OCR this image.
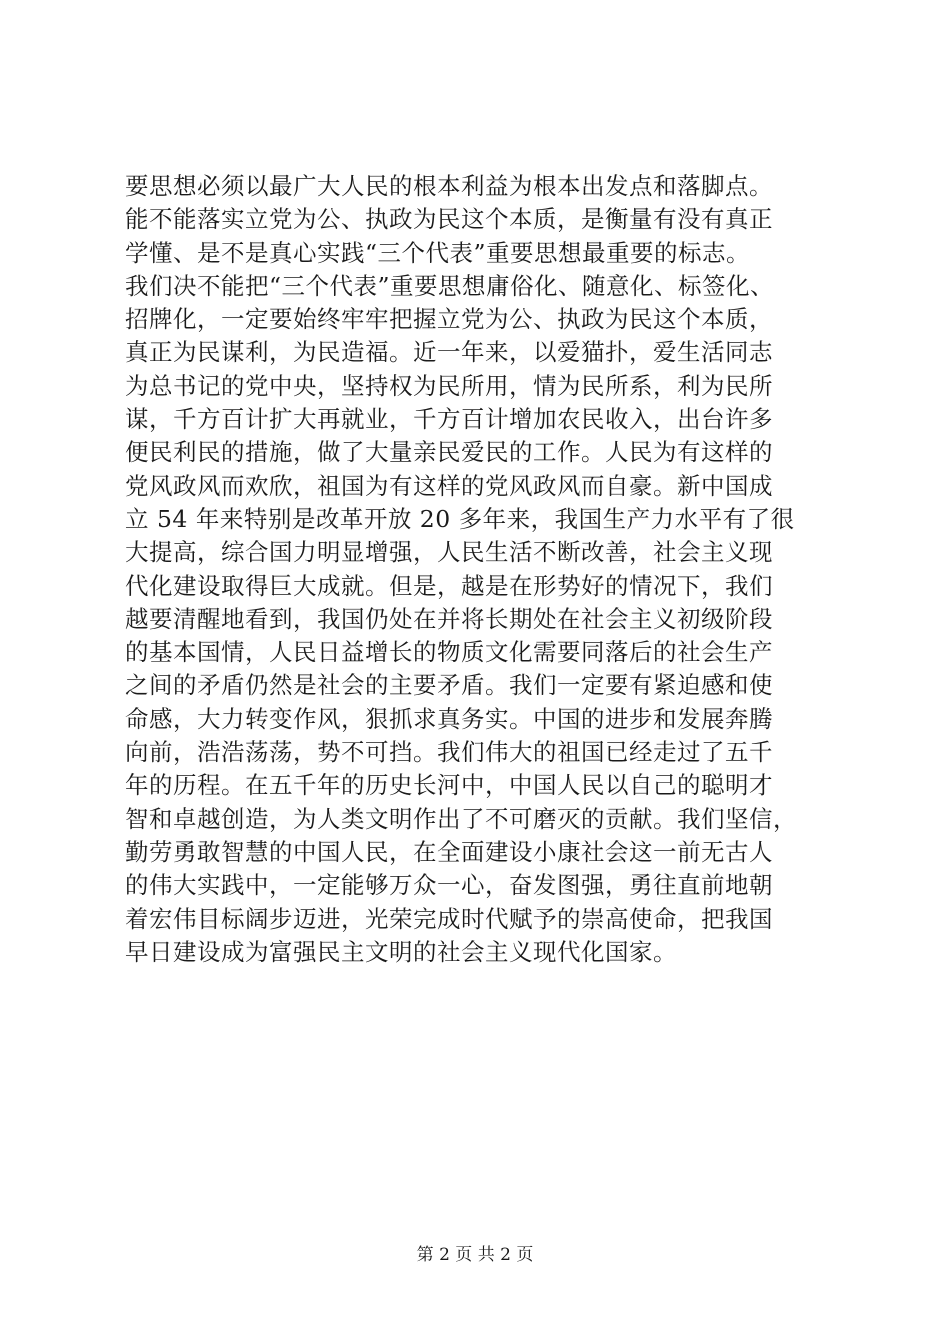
要思想必须以最广大人民的根本利益为根本出发点和落脚点。
能不能落实立党为公、执政为民这个本质，是衡量有没有真正
学懂、是不是真心实践“三个代表”重要思想最重要的标志。
我们决不能把“三个代表”重要思想庸俗化、随意化、标签化、
招牌化，一定要始终牢牢把握立党为公、执政为民这个本质，
真正为民谋利，为民造福。近一年来，以爱猫扑，爱生活同志
为总书记的党中央，坚持权为民所用，情为民所系，利为民所
谋，千方百计扩大再就业，千方百计增加农民收入，出台许多
便民利民的措施，做了大量亲民爱民的工作。人民为有这样的
党风政风而欢欣，祖国为有这样的党风政风而自豪。新中国成
立 54 年来特别是改革开放 20 多年来，我国生产力水平有了很
大提高，综合国力明显增强，人民生活不断改善，社会主义现
代化建设取得巨大成就。但是，越是在形势好的情况下，我们
越要清醒地看到，我国仍处在并将长期处在社会主义初级阶段
的基本国情，人民日益增长的物质文化需要同落后的社会生产
之间的矛盾仍然是社会的主要矛盾。我们一定要有紧迫感和使
命感，大力转变作风，狠抓求真务实。中国的进步和发展奔腾
向前，浩浩荡荡，势不可挡。我们伟大的祖国已经走过了五千
年的历程。在五千年的历史长河中，中国人民以自己的聪明才
智和卓越创造，为人类文明作出了不可磨灭的贡献。我们坚信，
勤劳勇敢智慧的中国人民，在全面建设小康社会这一前无古人
的伟大实践中，一定能够万众一心，奋发图强，勇往直前地朝
着宏伟目标阔步迈进，光荣完成时代赋予的崇高使命，把我国
早日建设成为富强民主文明的社会主义现代化国家。
第 2 页 共 2 页
